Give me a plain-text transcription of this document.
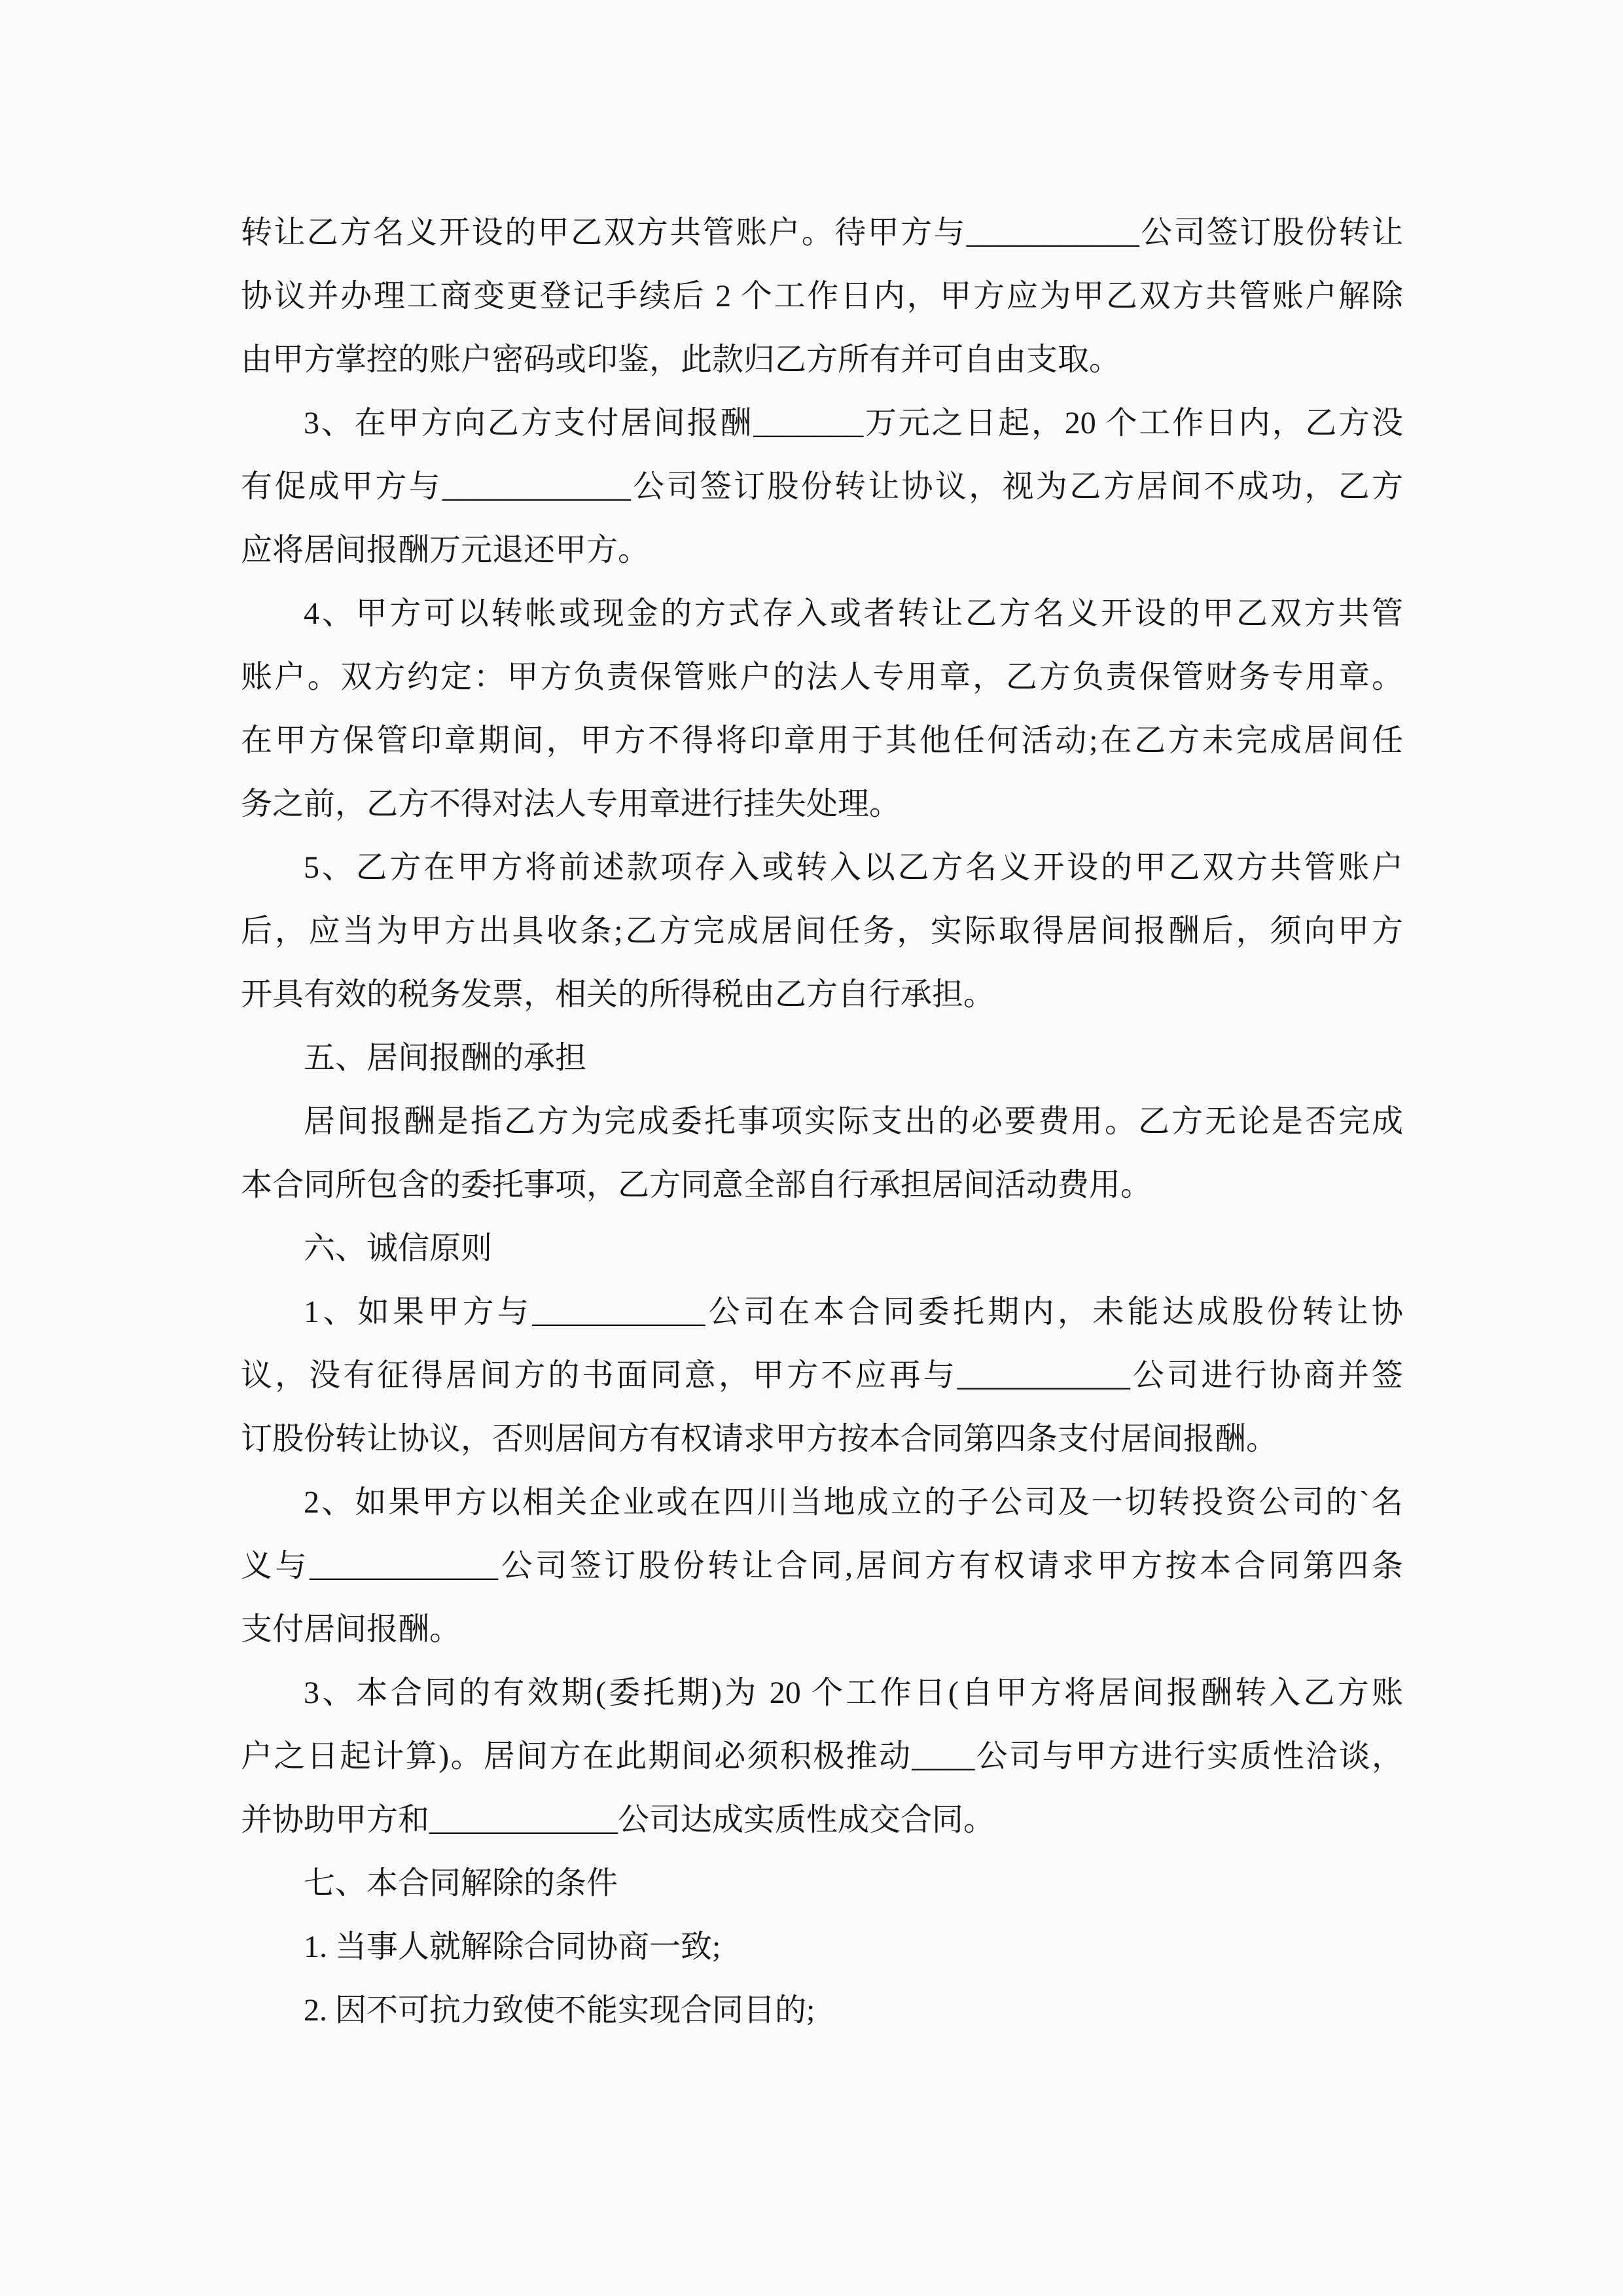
转让乙方名义开设的甲乙双方共管账户。待甲方与___________公司签订股份转让
协议并办理工商变更登记手续后 2 个工作日内，甲方应为甲乙双方共管账户解除
由甲方掌控的账户密码或印鉴，此款归乙方所有并可自由支取。
3、在甲方向乙方支付居间报酬_______万元之日起，20 个工作日内，乙方没
有促成甲方与____________公司签订股份转让协议，视为乙方居间不成功，乙方
应将居间报酬万元退还甲方。
4、甲方可以转帐或现金的方式存入或者转让乙方名义开设的甲乙双方共管
账户。双方约定：甲方负责保管账户的法人专用章，乙方负责保管财务专用章。
在甲方保管印章期间，甲方不得将印章用于其他任何活动;在乙方未完成居间任
务之前，乙方不得对法人专用章进行挂失处理。
5、乙方在甲方将前述款项存入或转入以乙方名义开设的甲乙双方共管账户
后，应当为甲方出具收条;乙方完成居间任务，实际取得居间报酬后，须向甲方
开具有效的税务发票，相关的所得税由乙方自行承担。
五、居间报酬的承担
居间报酬是指乙方为完成委托事项实际支出的必要费用。乙方无论是否完成
本合同所包含的委托事项，乙方同意全部自行承担居间活动费用。
六、诚信原则
1、如果甲方与___________公司在本合同委托期内，未能达成股份转让协
议，没有征得居间方的书面同意，甲方不应再与___________公司进行协商并签
订股份转让协议，否则居间方有权请求甲方按本合同第四条支付居间报酬。
2、如果甲方以相关企业或在四川当地成立的子公司及一切转投资公司的`名
义与____________公司签订股份转让合同,居间方有权请求甲方按本合同第四条
支付居间报酬。
3、本合同的有效期(委托期)为 20 个工作日(自甲方将居间报酬转入乙方账
户之日起计算)。居间方在此期间必须积极推动____公司与甲方进行实质性洽谈，
并协助甲方和____________公司达成实质性成交合同。
七、本合同解除的条件
1. 当事人就解除合同协商一致;
2. 因不可抗力致使不能实现合同目的;
